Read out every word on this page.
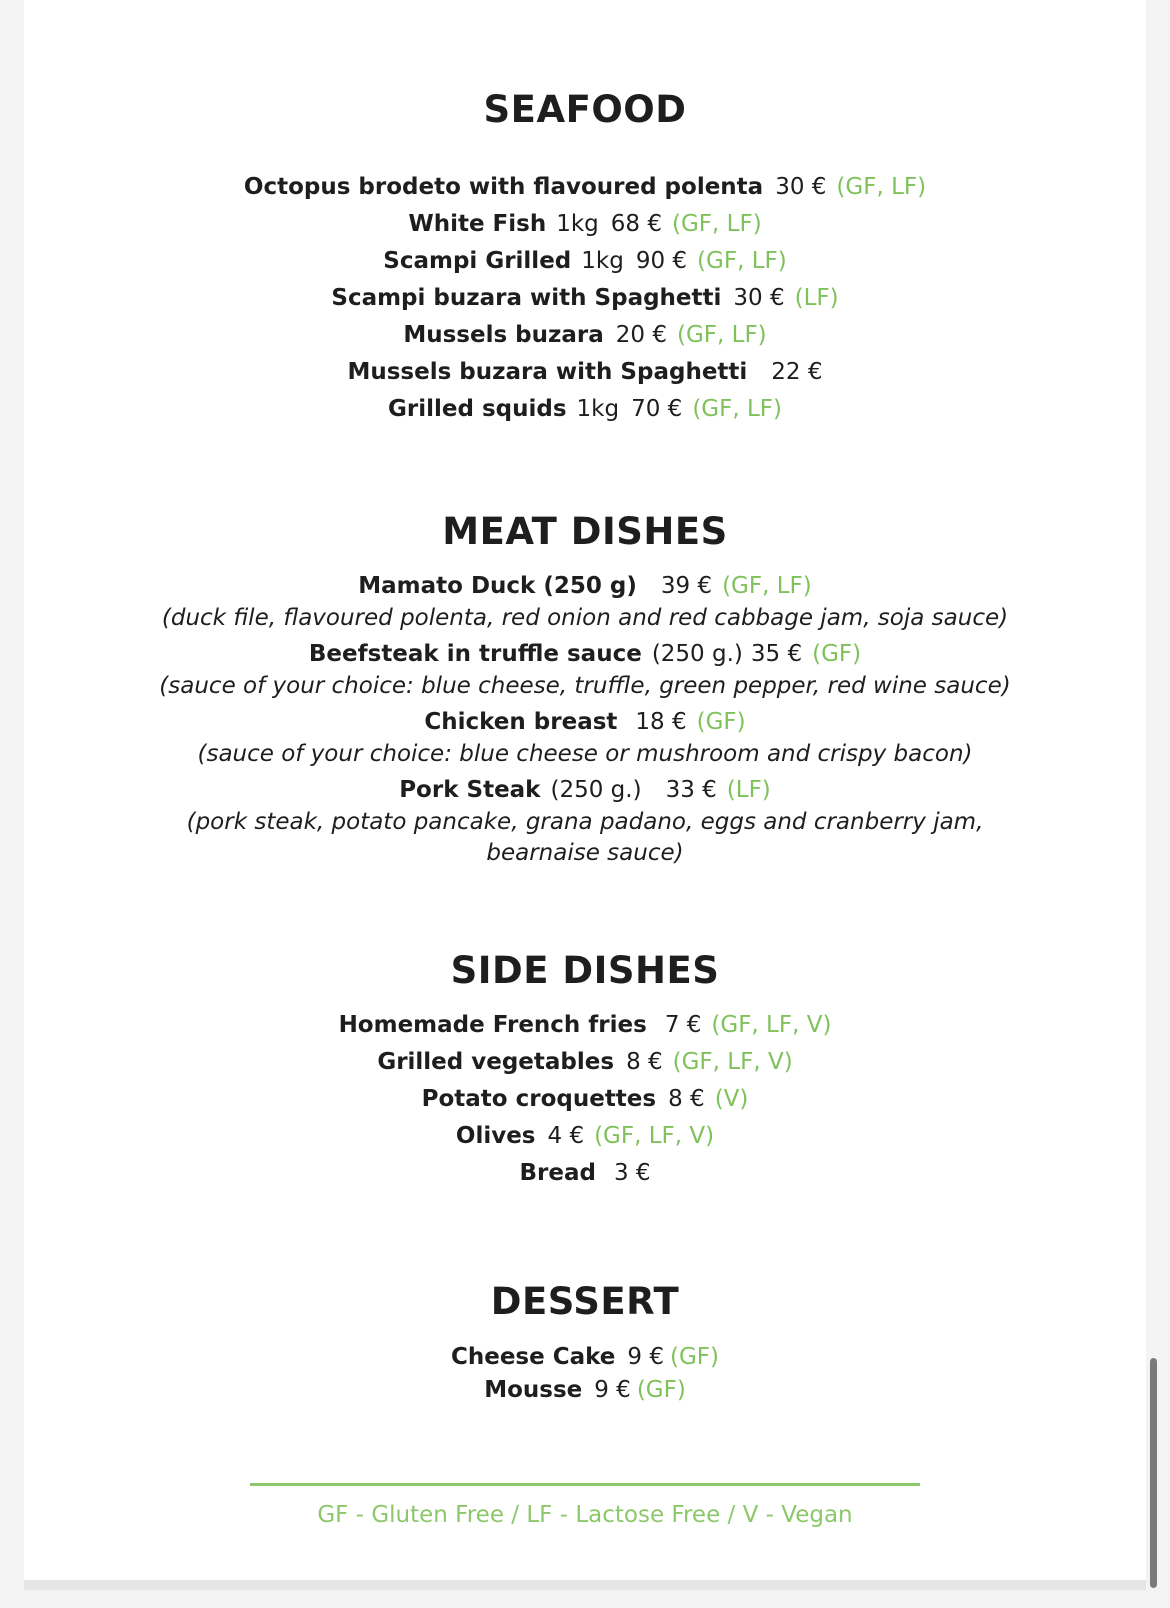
SEAFOOD
Octopus brodeto with flavoured polenta 30 € (GF, LF)
White Fish 1kg 68 € (GF, LF)
Scampi Grilled 1kg 90 € (GF, LF)
Scampi buzara with Spaghetti 30 € (LF)
Mussels buzara 20 € (GF, LF)
Mussels buzara with Spaghetti 22 €
Grilled squids 1kg 70 € (GF, LF)
MEAT DISHES
Mamato Duck (250 g) 39 € (GF, LF)
(duck file, flavoured polenta, red onion and red cabbage jam, soja sauce)
Beefsteak in truffle sauce (250 g.) 35 € (GF)
(sauce of your choice: blue cheese, truffle, green pepper, red wine sauce)
Chicken breast 18 € (GF)
(sauce of your choice: blue cheese or mushroom and crispy bacon)
Pork Steak (250 g.) 33 € (LF)
(pork steak, potato pancake, grana padano, eggs and cranberry jam,
bearnaise sauce)
SIDE DISHES
Homemade French fries 7 € (GF, LF, V)
Grilled vegetables 8 € (GF, LF, V)
Potato croquettes 8 € (V)
Olives 4 € (GF, LF, V)
Bread 3 €
DESSERT
Cheese Cake 9 € (GF)
Mousse 9 € (GF)
GF - Gluten Free / LF - Lactose Free / V - Vegan
